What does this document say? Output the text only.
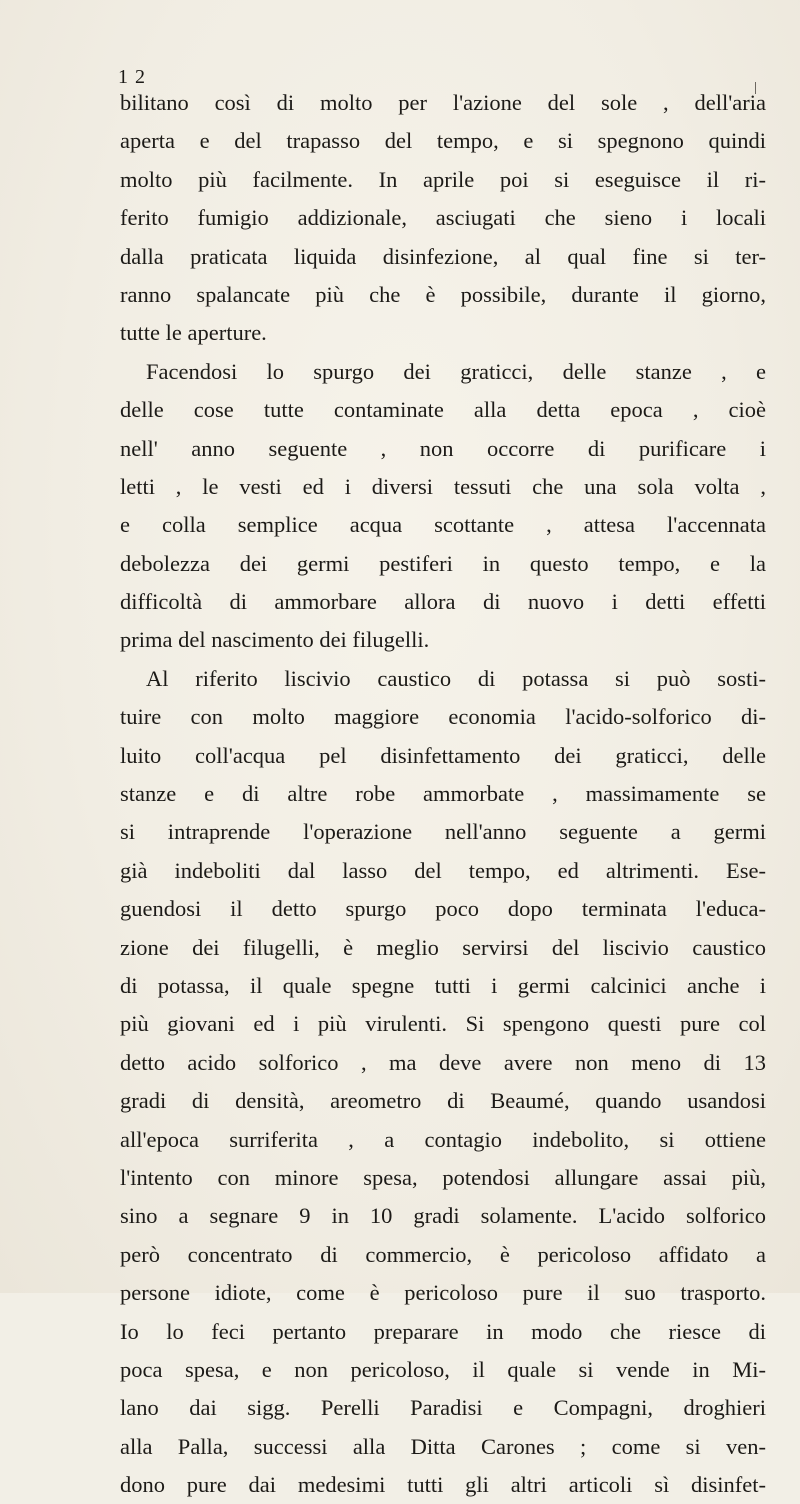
1 2
bilitano così di molto per l'azione del sole , dell'aria
aperta e del trapasso del tempo, e si spegnono quindi
molto più facilmente. In aprile poi si eseguisce il ri-
ferito fumigio addizionale, asciugati che sieno i locali
dalla praticata liquida disinfezione, al qual fine si ter-
ranno spalancate più che è possibile, durante il giorno,
tutte le aperture.
Facendosi lo spurgo dei graticci, delle stanze , e
delle cose tutte contaminate alla detta epoca , cioè
nell' anno seguente , non occorre di purificare i
letti , le vesti ed i diversi tessuti che una sola volta ,
e colla semplice acqua scottante , attesa l'accennata
debolezza dei germi pestiferi in questo tempo, e la
difficoltà di ammorbare allora di nuovo i detti effetti
prima del nascimento dei filugelli.
Al riferito liscivio caustico di potassa si può sosti-
tuire con molto maggiore economia l'acido-solforico di-
luito coll'acqua pel disinfettamento dei graticci, delle
stanze e di altre robe ammorbate , massimamente se
si intraprende l'operazione nell'anno seguente a germi
già indeboliti dal lasso del tempo, ed altrimenti. Ese-
guendosi il detto spurgo poco dopo terminata l'educa-
zione dei filugelli, è meglio servirsi del liscivio caustico
di potassa, il quale spegne tutti i germi calcinici anche i
più giovani ed i più virulenti. Si spengono questi pure col
detto acido solforico , ma deve avere non meno di 13
gradi di densità, areometro di Beaumé, quando usandosi
all'epoca surriferita , a contagio indebolito, si ottiene
l'intento con minore spesa, potendosi allungare assai più,
sino a segnare 9 in 10 gradi solamente. L'acido solforico
però concentrato di commercio, è pericoloso affidato a
persone idiote, come è pericoloso pure il suo trasporto.
Io lo feci pertanto preparare in modo che riesce di
poca spesa, e non pericoloso, il quale si vende in Mi-
lano dai sigg. Perelli Paradisi e Compagni, droghieri
alla Palla, successi alla Ditta Carones ; come si ven-
dono pure dai medesimi tutti gli altri articoli sì disinfet-
